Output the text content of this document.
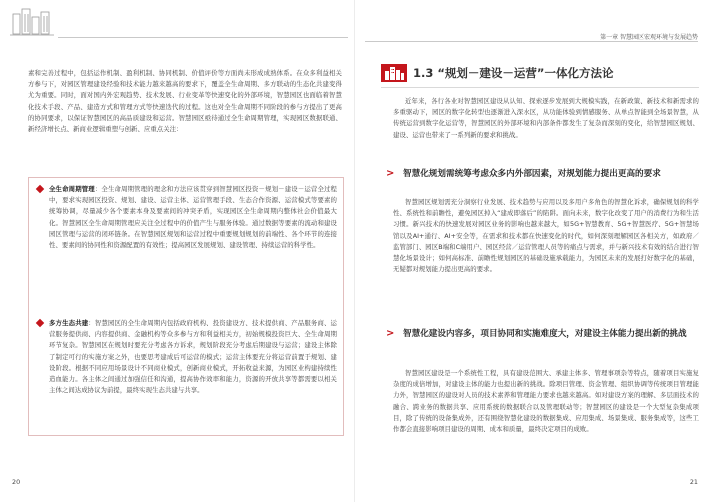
素和完善过程中，包括运作机制、盈利机制、协同机制、价值评价等方面尚未形成成熟体系。在众多利益相关方参与下，对园区管理建设经验和技术能力越来越高的要求下，覆盖全生命周期、多方联动的生态化共建变得尤为重要。同时，面对国内外宏观趋势、技术发展、行业变革等快速变化的外部环境，智慧园区也面临着智慧化技术手段、产品、建造方式和管理方式等快速迭代的过程。这也对全生命周期不同阶段的参与方提出了更高的协同要求，以保证智慧园区的高品质建设和运营。智慧园区亟待通过全生命周期管理，实现园区数据联通、新经济增长点、新商业逻辑重塑与创新、应重点关注：

全生命周期管理：全生命周期管理的理念和方法应该贯穿到智慧园区投资－规划－建设－运营全过程中，要求实现园区投资、规划、建设、运营主体、运营管理手段、生态合作资源、运营模式等要素的统筹协调，尽量减少各个要素本身及要素间的冲突矛盾，实现园区全生命周期内整体社会价值最大化。智慧园区全生命周期管理应关注全过程中的价值产生与服务体验。通过数据等要素的流动和建设园区管理与运营的闭环链条。在智慧园区规划和运营过程中重要规划规划的前端性、各个环节的连接性、要素间的协同性和资源配置的有效性；提高园区发展规划、建设管理、持续运营的科学性。

多方生态共建：智慧园区的全生命周期内包括政府机构、投资建设方、技术提供商、产品服务商、运营服务提供商、内容提供商、金融机构等众多参与方和利益相关方，初始规模投资巨大、全生命周期环节复杂。智慧园区在规划时要充分考虑各方诉求，规划阶段充分考虑后期建设与运营；建设主体除了制定可行的实施方案之外，也要思考建成后可运营的模式；运营主体要充分将运营前置于规划、建设阶段。根据不同应用场景设计不同商业模式，创新商业模式，开拓收益来源，为园区业构建持续性造血能力。各主体之间通过加强信任和沟通，提高协作效率和能力，资源的开放共享等都需要以相关主体之间达成协议为前提，最终实现生态共建与共享。

20
第一章 智慧园区宏观环境与发展趋势
1.3 “规划－建设－运营”一体化方法论

近年来，各行各业对智慧园区建设从认知、探索逐步发展到大规模实践，在新政策、新技术和新需求的多重驱动下，园区的数字化转型也逐渐进入深水区，从功能体验到情感服务、从单点智能到全场景智慧，从传统运营到数字化运营等，智慧园区的外部环境和内部条件都发生了复杂而深刻的变化，给智慧园区规划、建设、运营也带来了一系列新的要求和挑战。

> 智慧化规划需统筹考虑众多内外部因素，对规划能力提出更高的要求

智慧园区规划需充分洞察行业发展、技术趋势与应用以及多用户多角色的智慧化诉求，确保规划的科学性、系统性和前瞻性，避免园区掉入“建成即落后”的陷阱。面向未来，数字化改变了用户的消费行为和生活习惯。新兴技术的快速发展对园区业务的影响也越来越大，如5G+智慧教育、5G+智慧医疗、5G+智慧场馆以及AI+通行、AI+安全等，在需求和技术都在快速变化的时代，如何深刻理解园区各相关方，如政府／监管部门、园区B端和C端用户、园区经营／运营管理人员等的痛点与需求，并与新兴技术有效的结合进行智慧化场景设计；如何高标准、前瞻性规划园区的基础设施承载能力，为园区未来的发展打好数字化的基础，无疑都对规划能力提出更高的要求。

> 智慧化建设内容多，项目协同和实施难度大，对建设主体能力提出新的挑战

智慧园区建设是一个系统性工程，具有建设范围大、承建主体多、管理事项杂等特点，随着项目实施复杂度的成倍增加，对建设主体的能力也提出新的挑战。除项目管理、资金管理、组织协调等传统项目管理能力外，智慧园区的建设对人员的技术素养和管理能力要求也越来越高。如对建设方案的理解、多层面技术的融合、跨业务的数据共享、应用系统的数据联合以及管理联动等；智慧园区的建设是一个大型复杂集成项目，除了传统的设备集成外，还有围绕智慧化建设的数据集成、应用集成、场景集成、服务集成等，这些工作都会直接影响项目建设的周期、成本和质量，最终决定项目的成败。

21
